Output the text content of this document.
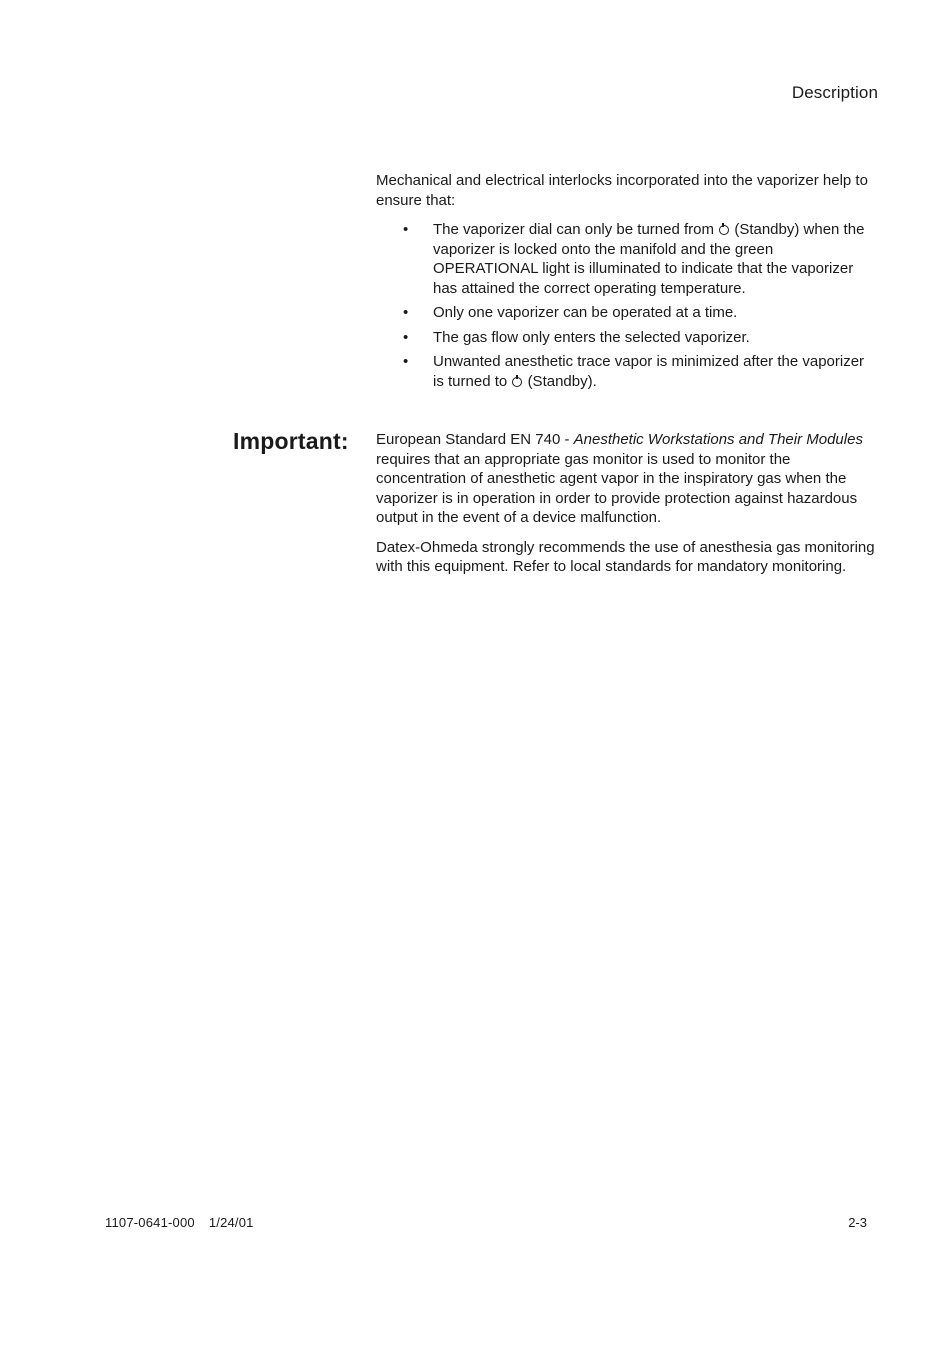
Description

Mechanical and electrical interlocks incorporated into the vaporizer help to ensure that:

• The vaporizer dial can only be turned from (Standby) when the vaporizer is locked onto the manifold and the green OPERATIONAL light is illuminated to indicate that the vaporizer has attained the correct operating temperature.
• Only one vaporizer can be operated at a time.
• The gas flow only enters the selected vaporizer.
• Unwanted anesthetic trace vapor is minimized after the vaporizer is turned to (Standby).
Important: European Standard EN 740 - Anesthetic Workstations and Their Modules requires that an appropriate gas monitor is used to monitor the concentration of anesthetic agent vapor in the inspiratory gas when the vaporizer is in operation in order to provide protection against hazardous output in the event of a device malfunction.

Datex-Ohmeda strongly recommends the use of anesthesia gas monitoring with this equipment. Refer to local standards for mandatory monitoring.

1107-0641-000 1/24/01	2-3
